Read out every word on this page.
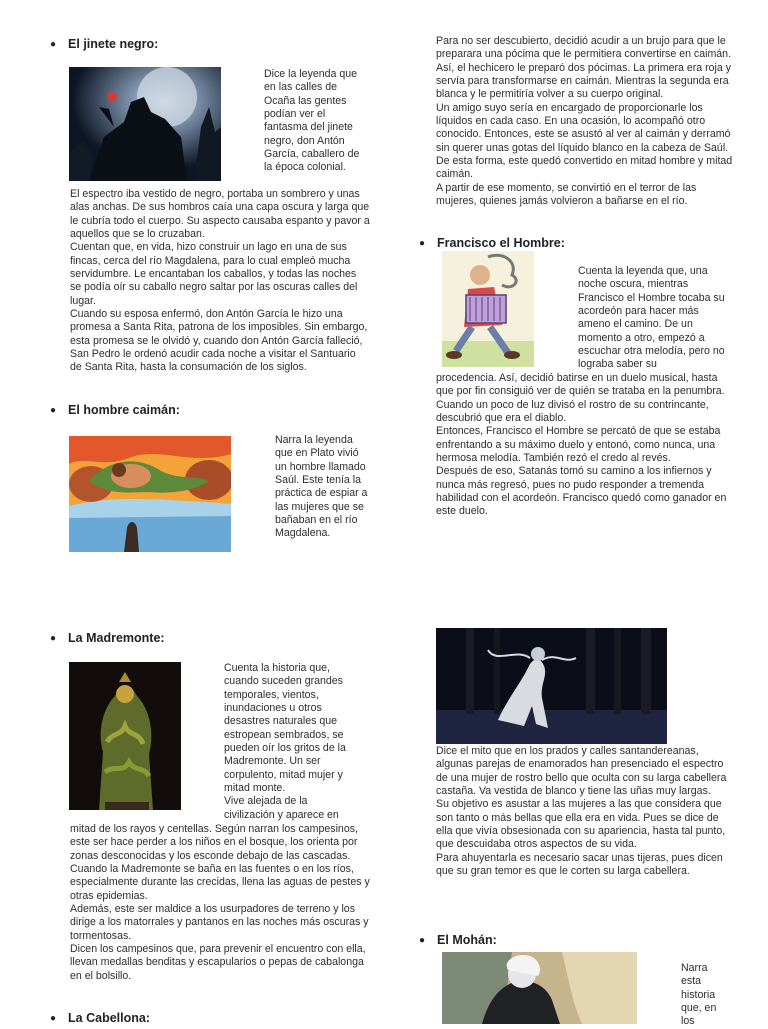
● El jinete negro:
Dice la leyenda que en las calles de Ocaña las gentes podían ver el fantasma del jinete negro, don Antón García, caballero de la época colonial.
El espectro iba vestido de negro, portaba un sombrero y unas alas anchas. De sus hombros caía una capa oscura y larga que le cubría todo el cuerpo. Su aspecto causaba espanto y pavor a aquellos que se lo cruzaban.
Cuentan que, en vida, hizo construir un lago en una de sus fincas, cerca del río Magdalena, para lo cual empleó mucha servidumbre. Le encantaban los caballos, y todas las noches se podía oír su caballo negro saltar por las oscuras calles del lugar.
Cuando su esposa enfermó, don Antón García le hizo una promesa a Santa Rita, patrona de los imposibles. Sin embargo, esta promesa se le olvidó y, cuando don Antón García falleció, San Pedro le ordenó acudir cada noche a visitar el Santuario de Santa Rita, hasta la consumación de los siglos.
● El hombre caimán:
Narra la leyenda que en Plato vivió un hombre llamado Saúl. Este tenía la práctica de espiar a las mujeres que se bañaban en el río Magdalena.
● La Madremonte:
Cuenta la historia que, cuando suceden grandes temporales, vientos, inundaciones u otros desastres naturales que estropean sembrados, se pueden oír los gritos de la Madremonte. Un ser corpulento, mitad mujer y mitad monte.
Vive alejada de la civilización y aparece en
mitad de los rayos y centellas. Según narran los campesinos, este ser hace perder a los niños en el bosque, los orienta por zonas desconocidas y los esconde debajo de las cascadas.
Cuando la Madremonte se baña en las fuentes o en los ríos, especialmente durante las crecidas, llena las aguas de pestes y otras epidemias.
Además, este ser maldice a los usurpadores de terreno y los dirige a los matorrales y pantanos en las noches más oscuras y tormentosas.
Dicen los campesinos que, para prevenir el encuentro con ella, llevan medallas benditas y escapularios o pepas de cabalonga en el bolsillo.
● La Cabellona:
Para no ser descubierto, decidió acudir a un brujo para que le preparara una pócima que le permitiera convertirse en caimán. Así, el hechicero le preparó dos pócimas. La primera era roja y servía para transformarse en caimán. Mientras la segunda era blanca y le permitiría volver a su cuerpo original.
Un amigo suyo sería en encargado de proporcionarle los líquidos en cada caso. En una ocasión, lo acompañó otro conocido. Entonces, este se asustó al ver al caimán y derramó sin querer unas gotas del líquido blanco en la cabeza de Saúl. De esta forma, este quedó convertido en mitad hombre y mitad caimán.
A partir de ese momento, se convirtió en el terror de las mujeres, quienes jamás volvieron a bañarse en el río.
● Francisco el Hombre:
Cuenta la leyenda que, una noche oscura, mientras Francisco el Hombre tocaba su acordeón para hacer más ameno el camino. De un momento a otro, empezó a escuchar otra melodía, pero no lograba saber su
procedencia. Así, decidió batirse en un duelo musical, hasta que por fin consiguió ver de quién se trataba en la penumbra.
Cuando un poco de luz divisó el rostro de su contrincante, descubrió que era el diablo.
Entonces, Francisco el Hombre se percató de que se estaba enfrentando a su máximo duelo y entonó, como nunca, una hermosa melodía. También rezó el credo al revés.
Después de eso, Satanás tomó su camino a los infiernos y nunca más regresó, pues no pudo responder a tremenda habilidad con el acordeón. Francisco quedó como ganador en este duelo.
Dice el mito que en los prados y calles santandereanas, algunas parejas de enamorados han presenciado el espectro de una mujer de rostro bello que oculta con su larga cabellera castaña. Va vestida de blanco y tiene las uñas muy largas.
Su objetivo es asustar a las mujeres a las que considera que son tanto o más bellas que ella era en vida. Pues se dice de ella que vivía obsesionada con su apariencia, hasta tal punto, que descuidaba otros aspectos de su vida.
Para ahuyentarla es necesario sacar unas tijeras, pues dicen que su gran temor es que le corten su larga cabellera.
● El Mohán:
Narra esta historia que, en los
